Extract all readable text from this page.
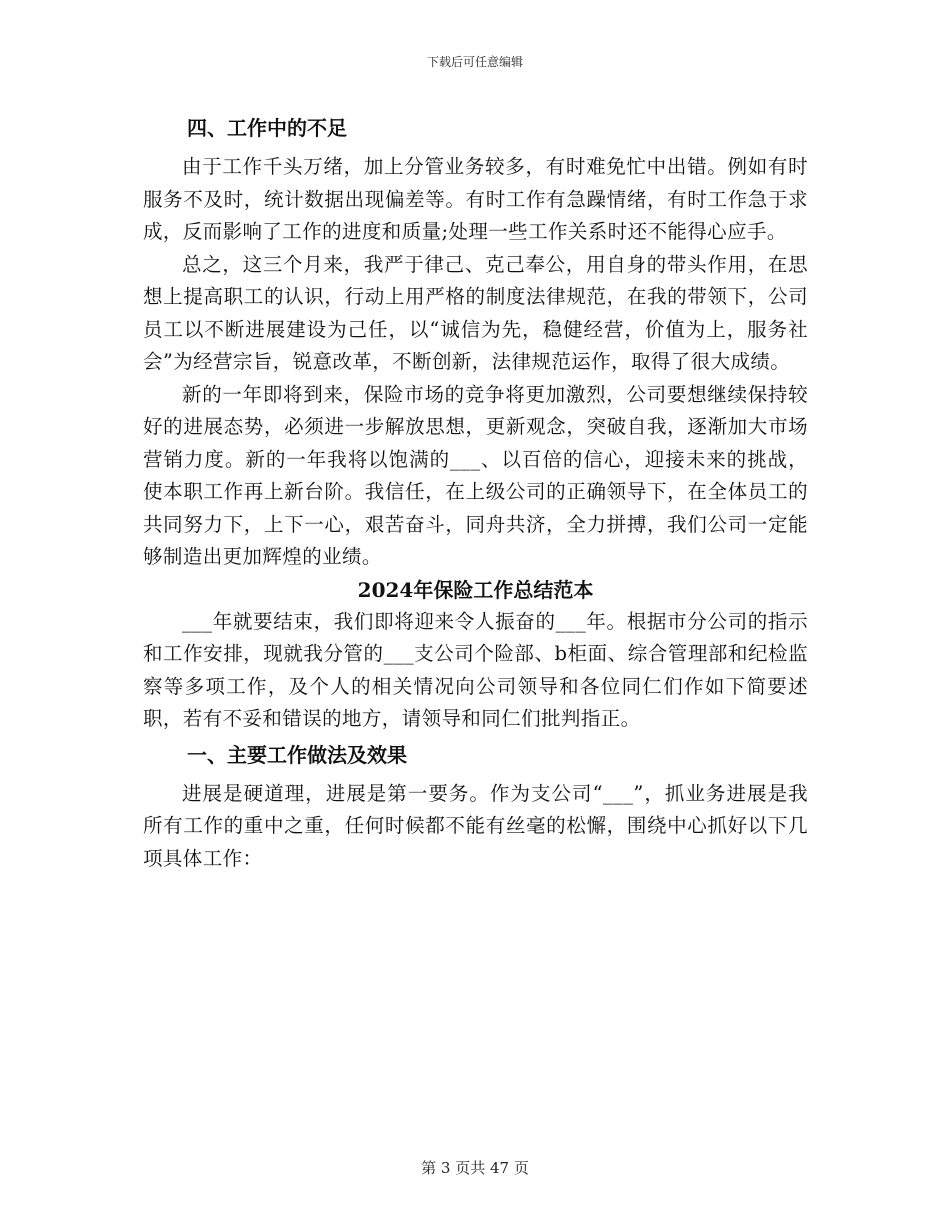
下载后可任意编辑
四、工作中的不足

由于工作千头万绪，加上分管业务较多，有时难免忙中出错。例如有时服务不及时，统计数据出现偏差等。有时工作有急躁情绪，有时工作急于求成，反而影响了工作的进度和质量;处理一些工作关系时还不能得心应手。

总之，这三个月来，我严于律己、克己奉公，用自身的带头作用，在思想上提高职工的认识，行动上用严格的制度法律规范，在我的带领下，公司员工以不断进展建设为己任，以“诚信为先，稳健经营，价值为上，服务社会”为经营宗旨，锐意改革，不断创新，法律规范运作，取得了很大成绩。

新的一年即将到来，保险市场的竞争将更加激烈，公司要想继续保持较好的进展态势，必须进一步解放思想，更新观念，突破自我，逐渐加大市场营销力度。新的一年我将以饱满的___、以百倍的信心，迎接未来的挑战，使本职工作再上新台阶。我信任，在上级公司的正确领导下，在全体员工的共同努力下，上下一心，艰苦奋斗，同舟共济，全力拼搏，我们公司一定能够制造出更加辉煌的业绩。

2024年保险工作总结范本

___年就要结束，我们即将迎来令人振奋的___年。根据市分公司的指示和工作安排，现就我分管的___支公司个险部、b柜面、综合管理部和纪检监察等多项工作，及个人的相关情况向公司领导和各位同仁们作如下简要述职，若有不妥和错误的地方，请领导和同仁们批判指正。

一、主要工作做法及效果

进展是硬道理，进展是第一要务。作为支公司“___”，抓业务进展是我所有工作的重中之重，任何时候都不能有丝毫的松懈，围绕中心抓好以下几项具体工作：

第 3 页共 47 页
